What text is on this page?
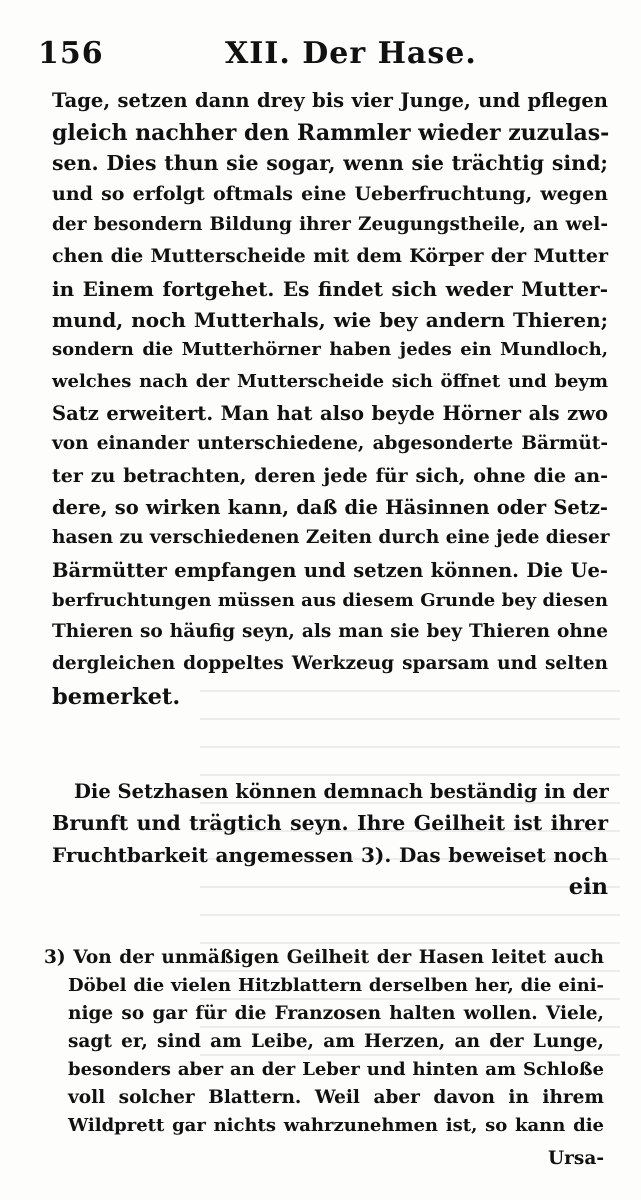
156	XII. Der Hase.
Tage, setzen dann drey bis vier Junge, und pflegen
gleich nachher den Rammler wieder zuzulas-
sen. Dies thun sie sogar, wenn sie trächtig sind;
und so erfolgt oftmals eine Ueberfruchtung, wegen
der besondern Bildung ihrer Zeugungstheile, an wel-
chen die Mutterscheide mit dem Körper der Mutter
in Einem fortgehet. Es findet sich weder Mutter-
mund, noch Mutterhals, wie bey andern Thieren;
sondern die Mutterhörner haben jedes ein Mundloch,
welches nach der Mutterscheide sich öffnet und beym
Satz erweitert. Man hat also beyde Hörner als zwo
von einander unterschiedene, abgesonderte Bärmüt-
ter zu betrachten, deren jede für sich, ohne die an-
dere, so wirken kann, daß die Häsinnen oder Setz-
hasen zu verschiedenen Zeiten durch eine jede dieser
Bärmütter empfangen und setzen können. Die Ue-
berfruchtungen müssen aus diesem Grunde bey diesen
Thieren so häufig seyn, als man sie bey Thieren ohne
dergleichen doppeltes Werkzeug sparsam und selten
bemerket.
Die Setzhasen können demnach beständig in der
Brunft und trägtich seyn. Ihre Geilheit ist ihrer
Fruchtbarkeit angemessen 3). Das beweiset noch
ein
3) Von der unmäßigen Geilheit der Hasen leitet auch
Döbel die vielen Hitzblattern derselben her, die eini-
nige so gar für die Franzosen halten wollen. Viele,
sagt er, sind am Leibe, am Herzen, an der Lunge,
besonders aber an der Leber und hinten am Schloße
voll solcher Blattern. Weil aber davon in ihrem
Wildprett gar nichts wahrzunehmen ist, so kann die
Ursa-
